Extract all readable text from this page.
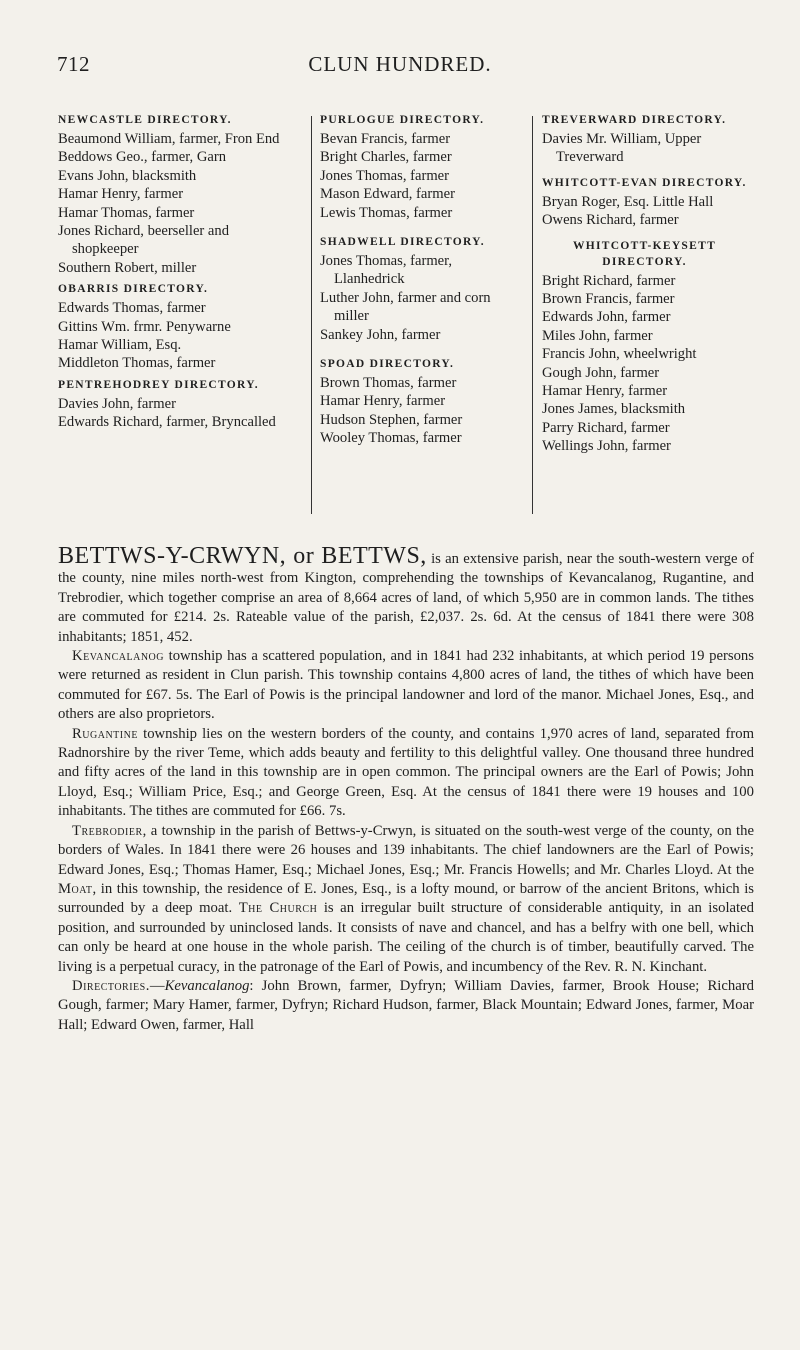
712	CLUN HUNDRED.
NEWCASTLE DIRECTORY.
Beaumond William, farmer, Fron End
Beddows Geo., farmer, Garn
Evans John, blacksmith
Hamar Henry, farmer
Hamar Thomas, farmer
Jones Richard, beerseller and shopkeeper
Southern Robert, miller
OBARRIS DIRECTORY.
Edwards Thomas, farmer
Gittins Wm. frmr. Penywarne
Hamar William, Esq.
Middleton Thomas, farmer
PENTREHODREY DIRECTORY.
Davies John, farmer
Edwards Richard, farmer, Bryncalled
PURLOGUE DIRECTORY.
Bevan Francis, farmer
Bright Charles, farmer
Jones Thomas, farmer
Mason Edward, farmer
Lewis Thomas, farmer
SHADWELL DIRECTORY.
Jones Thomas, farmer, Llanhedrick
Luther John, farmer and corn miller
Sankey John, farmer
SPOAD DIRECTORY.
Brown Thomas, farmer
Hamar Henry, farmer
Hudson Stephen, farmer
Wooley Thomas, farmer
TREVERWARD DIRECTORY.
Davies Mr. William, Upper Treverward
WHITCOTT-EVAN DIRECTORY.
Bryan Roger, Esq. Little Hall
Owens Richard, farmer
WHITCOTT-KEYSETT
DIRECTORY.
Bright Richard, farmer
Brown Francis, farmer
Edwards John, farmer
Miles John, farmer
Francis John, wheelwright
Gough John, farmer
Hamar Henry, farmer
Jones James, blacksmith
Parry Richard, farmer
Wellings John, farmer

BETTWS-Y-CRWYN, or BETTWS, is an extensive parish, near the south-western verge of the county, nine miles north-west from Kington, comprehending the townships of Kevancalanog, Rugantine, and Trebrodier, which together comprise an area of 8,664 acres of land, of which 5,950 are in common lands. The tithes are commuted for £214. 2s. Rateable value of the parish, £2,037. 2s. 6d. At the census of 1841 there were 308 inhabitants; 1851, 452.

Kevancalanog township has a scattered population, and in 1841 had 232 inhabitants, at which period 19 persons were returned as resident in Clun parish. This township contains 4,800 acres of land, the tithes of which have been commuted for £67. 5s. The Earl of Powis is the principal landowner and lord of the manor. Michael Jones, Esq., and others are also proprietors.

Rugantine township lies on the western borders of the county, and contains 1,970 acres of land, separated from Radnorshire by the river Teme, which adds beauty and fertility to this delightful valley. One thousand three hundred and fifty acres of the land in this township are in open common. The principal owners are the Earl of Powis; John Lloyd, Esq.; William Price, Esq.; and George Green, Esq. At the census of 1841 there were 19 houses and 100 inhabitants. The tithes are commuted for £66. 7s.

Trebrodier, a township in the parish of Bettws-y-Crwyn, is situated on the south-west verge of the county, on the borders of Wales. In 1841 there were 26 houses and 139 inhabitants. The chief landowners are the Earl of Powis; Edward Jones, Esq.; Thomas Hamer, Esq.; Michael Jones, Esq.; Mr. Francis Howells; and Mr. Charles Lloyd. At the Moat, in this township, the residence of E. Jones, Esq., is a lofty mound, or barrow of the ancient Britons, which is surrounded by a deep moat. The Church is an irregular built structure of considerable antiquity, in an isolated position, and surrounded by uninclosed lands. It consists of nave and chancel, and has a belfry with one bell, which can only be heard at one house in the whole parish. The ceiling of the church is of timber, beautifully carved. The living is a perpetual curacy, in the patronage of the Earl of Powis, and incumbency of the Rev. R. N. Kinchant.

Directories.—Kevancalanog: John Brown, farmer, Dyfryn; William Davies, farmer, Brook House; Richard Gough, farmer; Mary Hamer, farmer, Dyfryn; Richard Hudson, farmer, Black Mountain; Edward Jones, farmer, Moar Hall; Edward Owen, farmer, Hall
